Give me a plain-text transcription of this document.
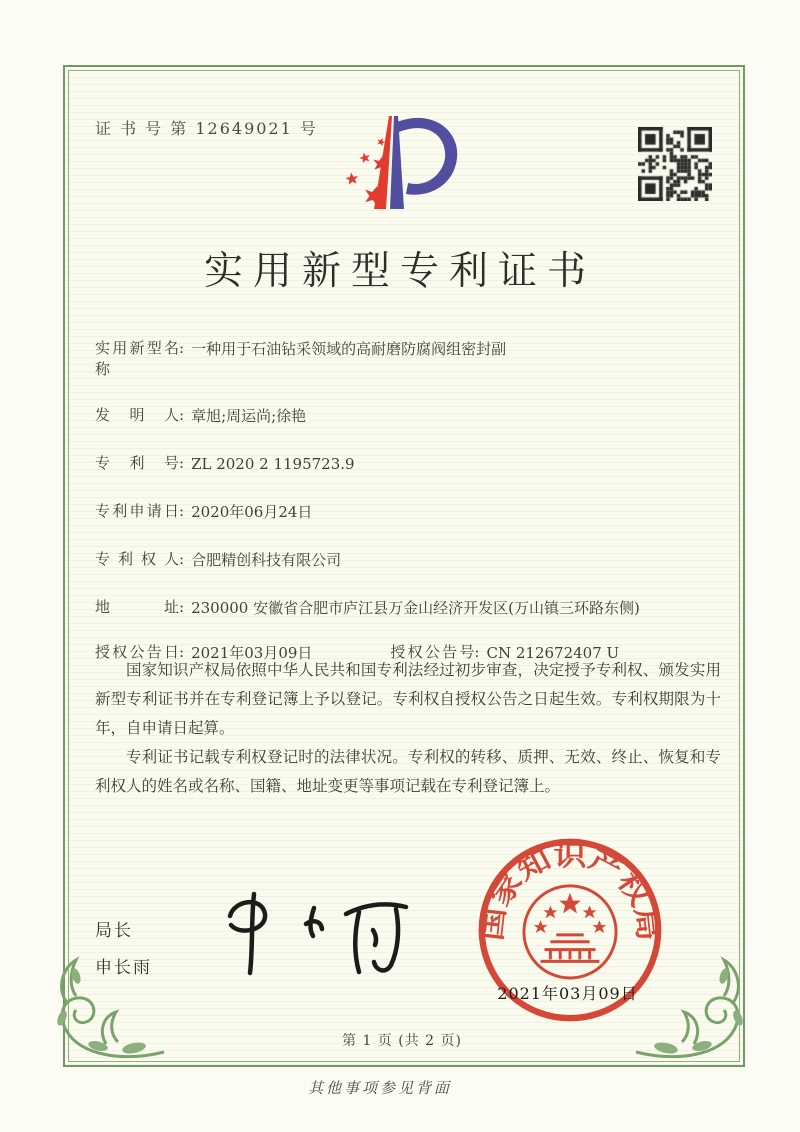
证 书 号 第 12649021 号
实用新型专利证书
实用新型名称
: 一种用于石油钻采领域的高耐磨防腐阀组密封副
发明人 : 章旭;周运尚;徐艳
专利号 : ZL 2020 2 1195723.9
专利申请日 : 2020年06月24日
专利权人 : 合肥精创科技有限公司
地址 : 230000 安徽省合肥市庐江县万金山经济开发区(万山镇三环路东侧)
授权公告日 : 2021年03月09日	授权公告号 : CN 212672407 U

国家知识产权局依照中华人民共和国专利法经过初步审查，决定授予专利权、颁发实用新型专利证书并在专利登记簿上予以登记。专利权自授权公告之日起生效。专利权期限为十年，自申请日起算。

专利证书记载专利权登记时的法律状况。专利权的转移、质押、无效、终止、恢复和专利权人的姓名或名称、国籍、地址变更等事项记载在专利登记簿上。

局长
申长雨
国家知识产权局
2021年03月09日
第 1 页 (共 2 页)
其他事项参见背面
